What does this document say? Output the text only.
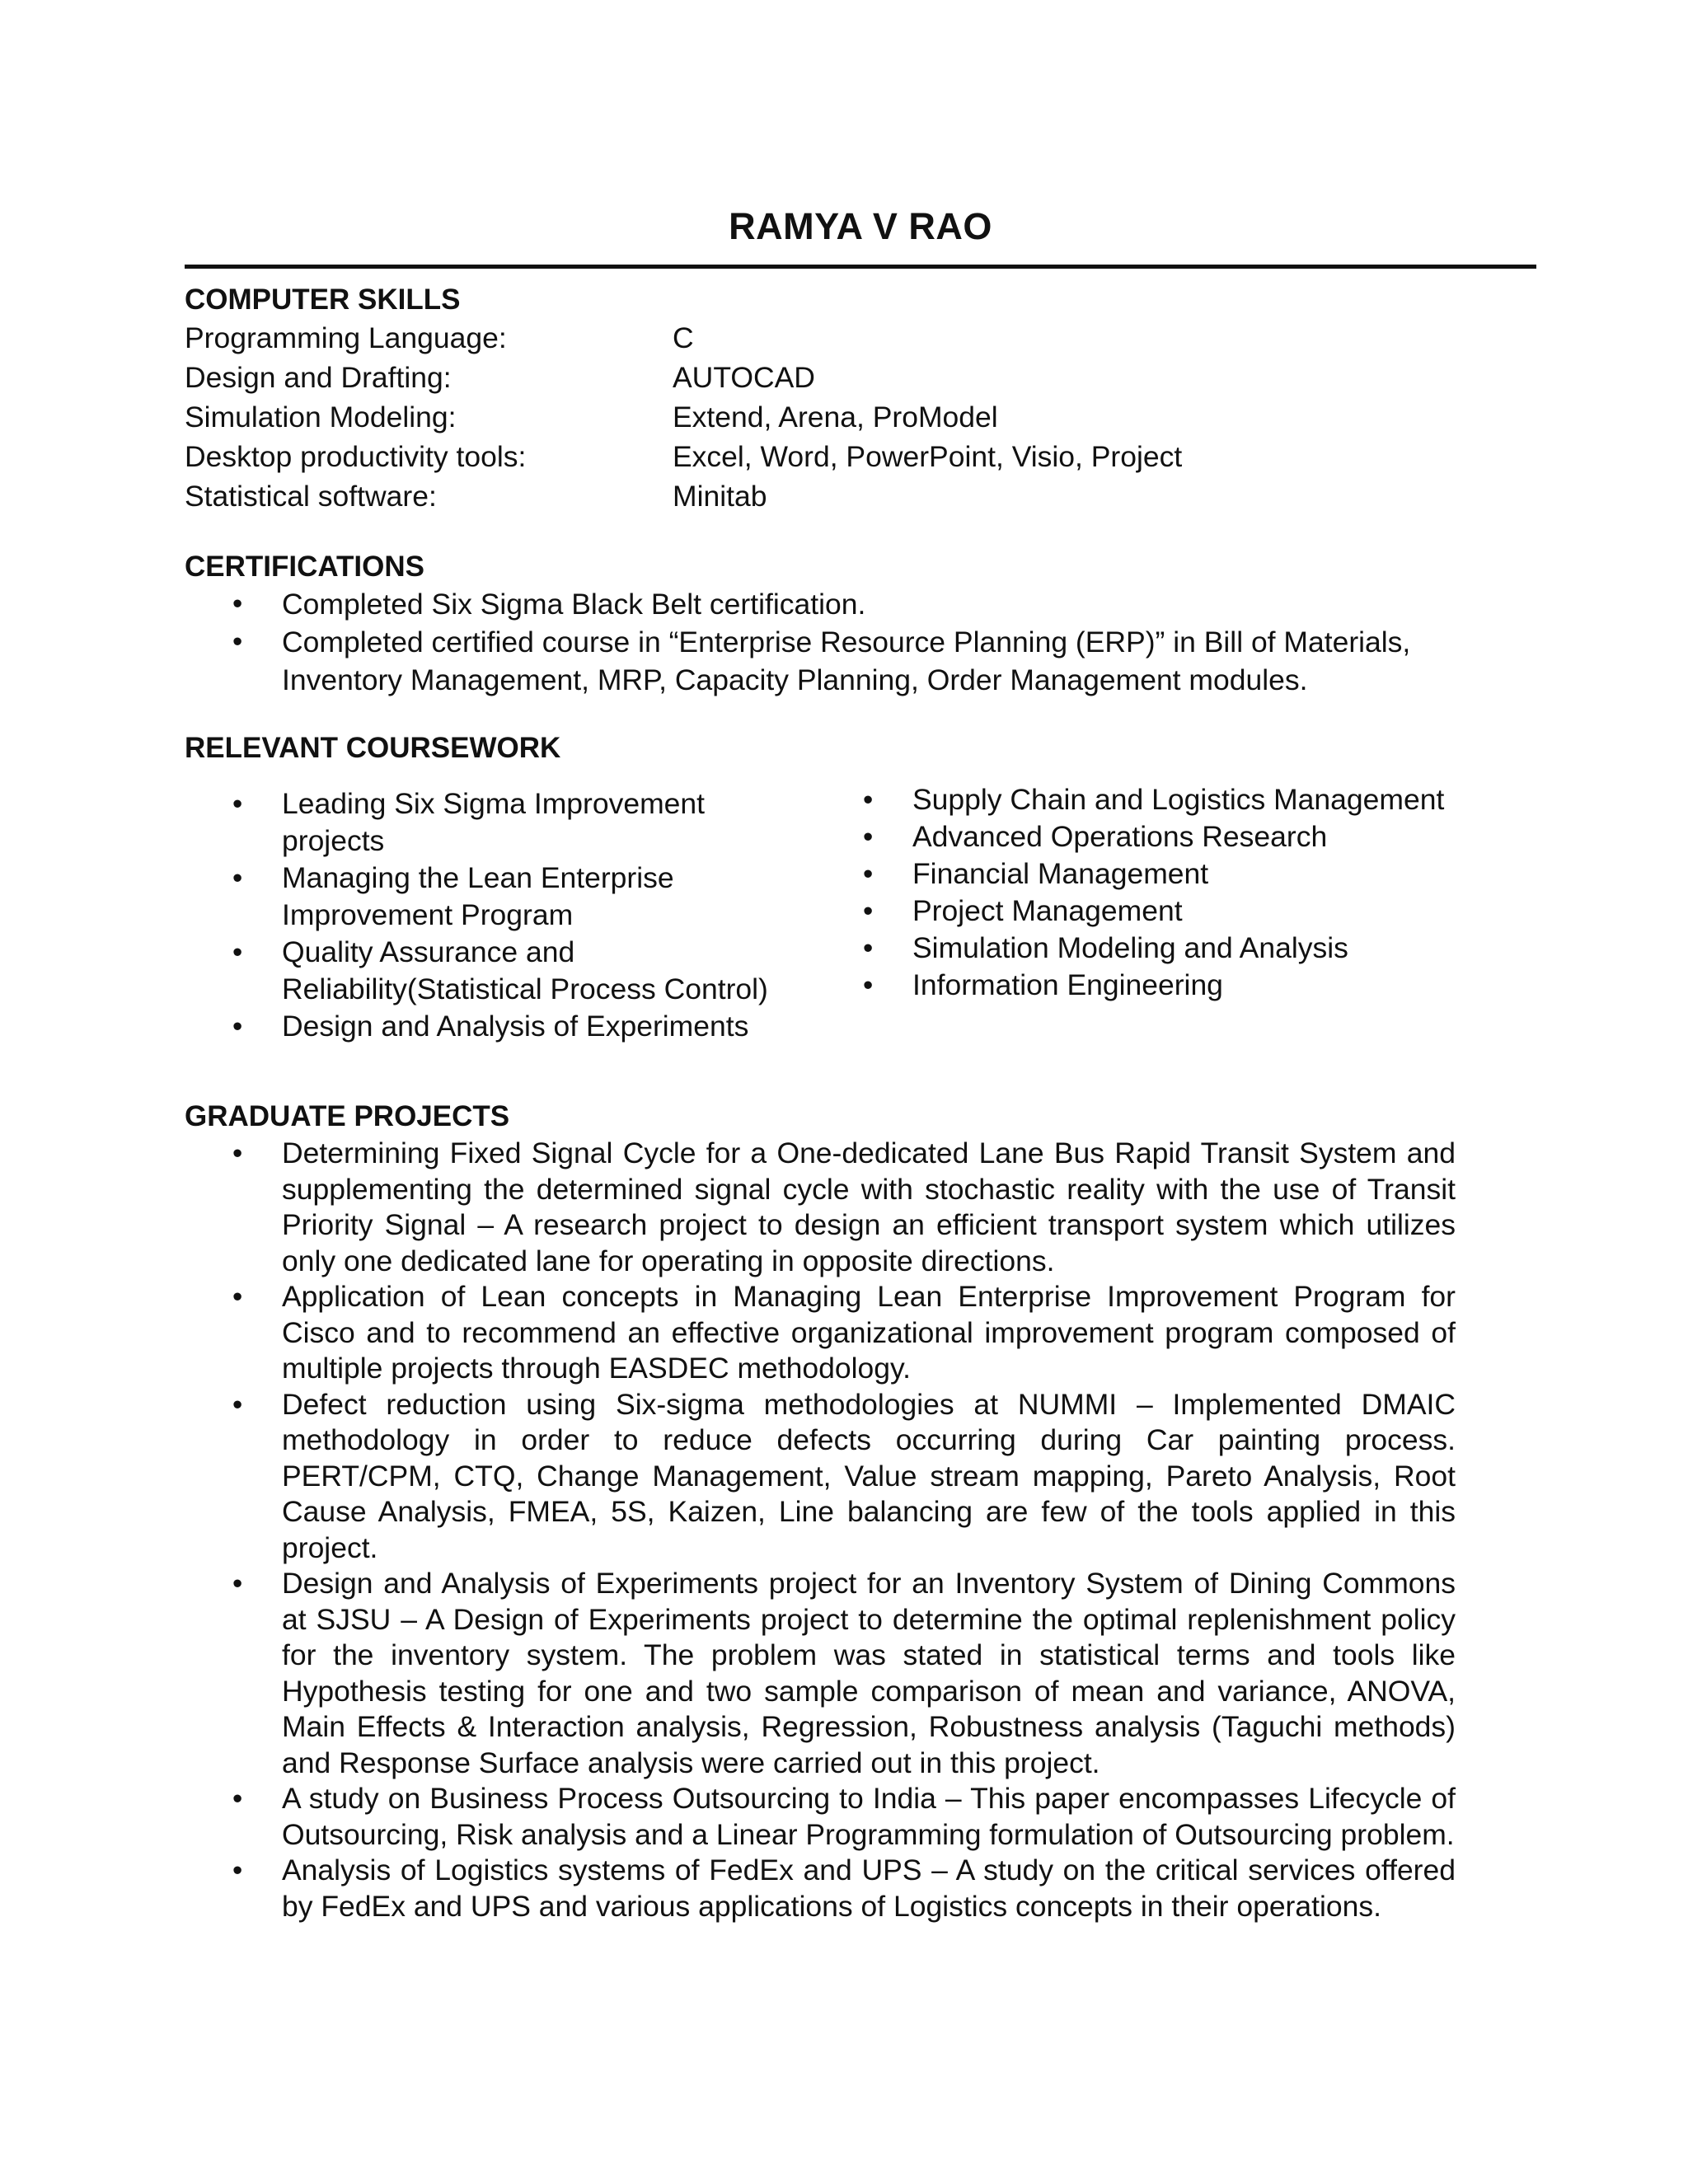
RAMYA V RAO
COMPUTER SKILLS
Programming Language:	C
Design and Drafting:	AUTOCAD
Simulation Modeling:	Extend, Arena, ProModel
Desktop productivity tools:	Excel, Word, PowerPoint, Visio, Project
Statistical software:	Minitab
CERTIFICATIONS
• Completed Six Sigma Black Belt certification.
• Completed certified course in “Enterprise Resource Planning (ERP)” in Bill of Materials, Inventory Management, MRP, Capacity Planning, Order Management modules.
RELEVANT COURSEWORK
• Leading Six Sigma Improvement projects
• Managing the Lean Enterprise Improvement Program
• Quality Assurance and Reliability(Statistical Process Control)
• Design and Analysis of Experiments
• Supply Chain and Logistics Management
• Advanced Operations Research
• Financial Management
• Project Management
• Simulation Modeling and Analysis
• Information Engineering
GRADUATE PROJECTS
• Determining Fixed Signal Cycle for a One-dedicated Lane Bus Rapid Transit System and supplementing the determined signal cycle with stochastic reality with the use of Transit Priority Signal – A research project to design an efficient transport system which utilizes only one dedicated lane for operating in opposite directions.
• Application of Lean concepts in Managing Lean Enterprise Improvement Program for Cisco and to recommend an effective organizational improvement program composed of multiple projects through EASDEC methodology.
• Defect reduction using Six-sigma methodologies at NUMMI – Implemented DMAIC methodology in order to reduce defects occurring during Car painting process. PERT/CPM, CTQ, Change Management, Value stream mapping, Pareto Analysis, Root Cause Analysis, FMEA, 5S, Kaizen, Line balancing are few of the tools applied in this project.
• Design and Analysis of Experiments project for an Inventory System of Dining Commons at SJSU – A Design of Experiments project to determine the optimal replenishment policy for the inventory system. The problem was stated in statistical terms and tools like Hypothesis testing for one and two sample comparison of mean and variance, ANOVA, Main Effects & Interaction analysis, Regression, Robustness analysis (Taguchi methods) and Response Surface analysis were carried out in this project.
• A study on Business Process Outsourcing to India – This paper encompasses Lifecycle of Outsourcing, Risk analysis and a Linear Programming formulation of Outsourcing problem.
• Analysis of Logistics systems of FedEx and UPS – A study on the critical services offered by FedEx and UPS and various applications of Logistics concepts in their operations.
